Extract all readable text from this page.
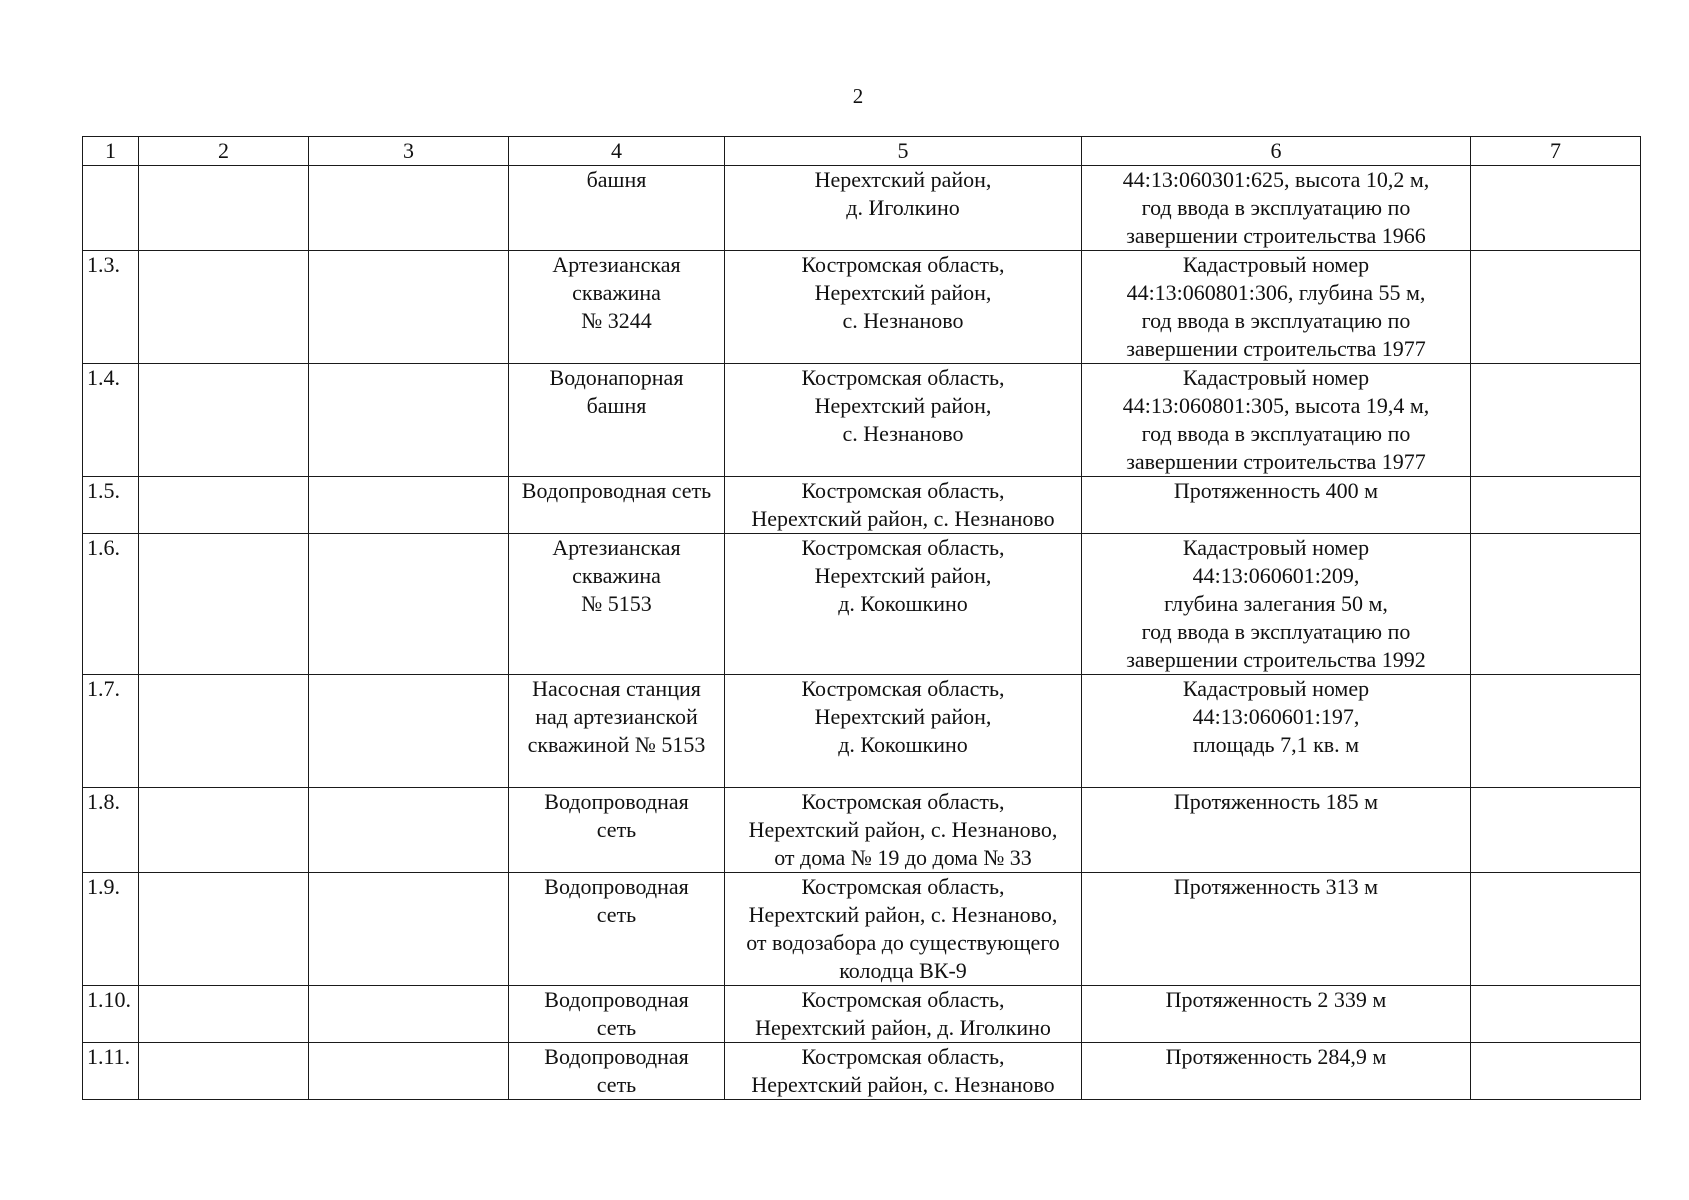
2
1	2	3	4	5	6	7
			башня	Нерехтский район,
д. Иголкино	44:13:060301:625, высота 10,2 м,
год ввода в эксплуатацию по
завершении строительства 1966	
1.3.			Артезианская
скважина
№ 3244	Костромская область,
Нерехтский район,
с. Незнаново	Кадастровый номер
44:13:060801:306, глубина 55 м,
год ввода в эксплуатацию по
завершении строительства 1977	
1.4.			Водонапорная
башня	Костромская область,
Нерехтский район,
с. Незнаново	Кадастровый номер
44:13:060801:305, высота 19,4 м,
год ввода в эксплуатацию по
завершении строительства 1977	
1.5.			Водопроводная сеть	Костромская область,
Нерехтский район, с. Незнаново	Протяженность 400 м	
1.6.			Артезианская
скважина
№ 5153	Костромская область,
Нерехтский район,
д. Кокошкино	Кадастровый номер
44:13:060601:209,
глубина залегания 50 м,
год ввода в эксплуатацию по
завершении строительства 1992	
1.7.			Насосная станция
над артезианской
скважиной № 5153	Костромская область,
Нерехтский район,
д. Кокошкино	Кадастровый номер
44:13:060601:197,
площадь 7,1 кв. м	
1.8.			Водопроводная
сеть	Костромская область,
Нерехтский район, с. Незнаново,
от дома № 19 до дома № 33	Протяженность 185 м	
1.9.			Водопроводная
сеть	Костромская область,
Нерехтский район, с. Незнаново,
от водозабора до существующего
колодца ВК-9	Протяженность 313 м	
1.10.			Водопроводная
сеть	Костромская область,
Нерехтский район, д. Иголкино	Протяженность 2 339 м	
1.11.			Водопроводная
сеть	Костромская область,
Нерехтский район, с. Незнаново	Протяженность 284,9 м	
